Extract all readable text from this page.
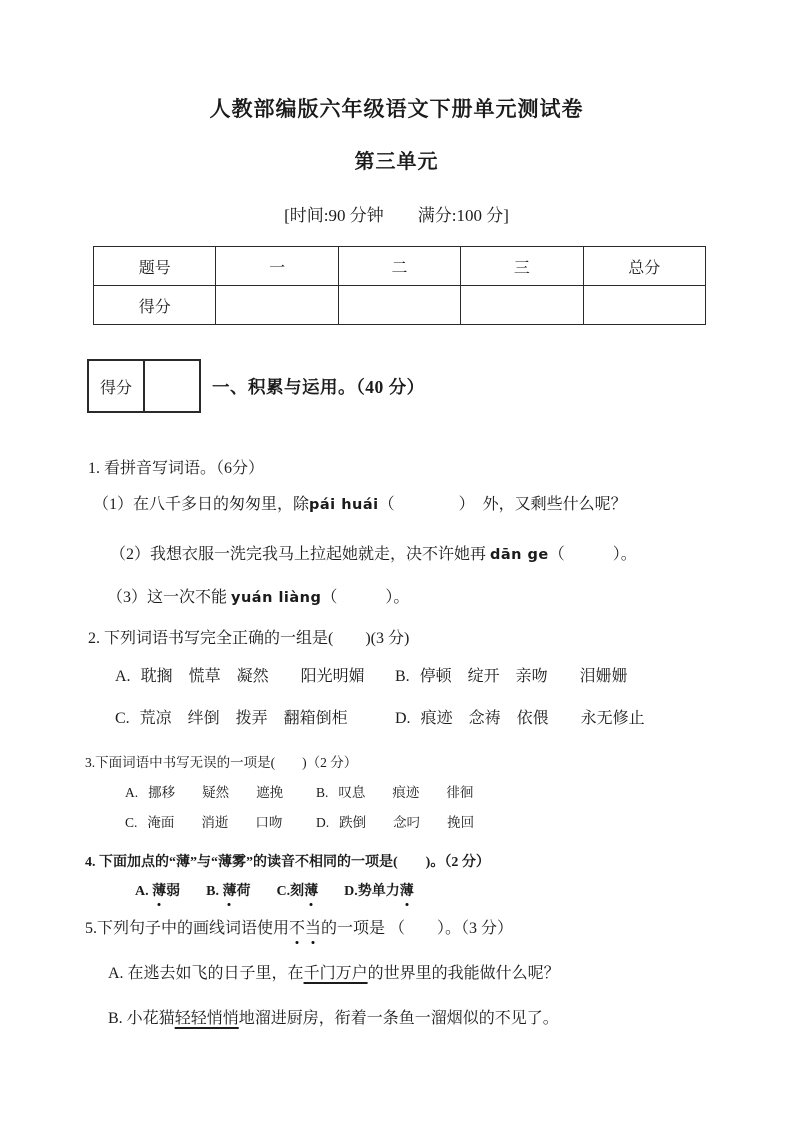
人教部编版六年级语文下册单元测试卷
第三单元
[时间:90 分钟　　满分:100 分]
题号	一	二	三	总分
得分				
得分		一、积累与运用。（40 分）
1. 看拼音写词语。（6分）
（1）在八千多日的匆匆里，除pái huái（　　　　）　外，又剩些什么呢？
（2）我想衣服一洗完我马上拉起她就走，决不许她再 dān ge（　　　）。
（3）这一次不能 yuán liàng（　　　）。
2. 下列词语书写完全正确的一组是(　　)(3 分)
A. 耽搁　慌草　凝然　　阳光明媚	B. 停顿　绽开　亲吻　　泪姗姗
C. 荒凉　绊倒　拨弄　翻箱倒柜	D. 痕迹　念祷　依偎　　永无修止
3.下面词语中书写无误的一项是(　　)（2 分）
A. 挪移　　疑然　　遮挽	B. 叹息　　痕迹　　徘徊
C. 淹面　　消逝　　口吻	D. 跌倒　　念叼　　挽回
4. 下面加点的“薄”与“薄雾”的读音不相同的一项是(　　)。（2 分）
A. 薄弱 B. 薄荷 C.刻薄 D.势单力薄
5.下列句子中的画线词语使用不当的一项是 （　　）。（3 分）
A. 在逃去如飞的日子里，在千门万户的世界里的我能做什么呢？
B. 小花猫轻轻悄悄地溜进厨房，衔着一条鱼一溜烟似的不见了。
